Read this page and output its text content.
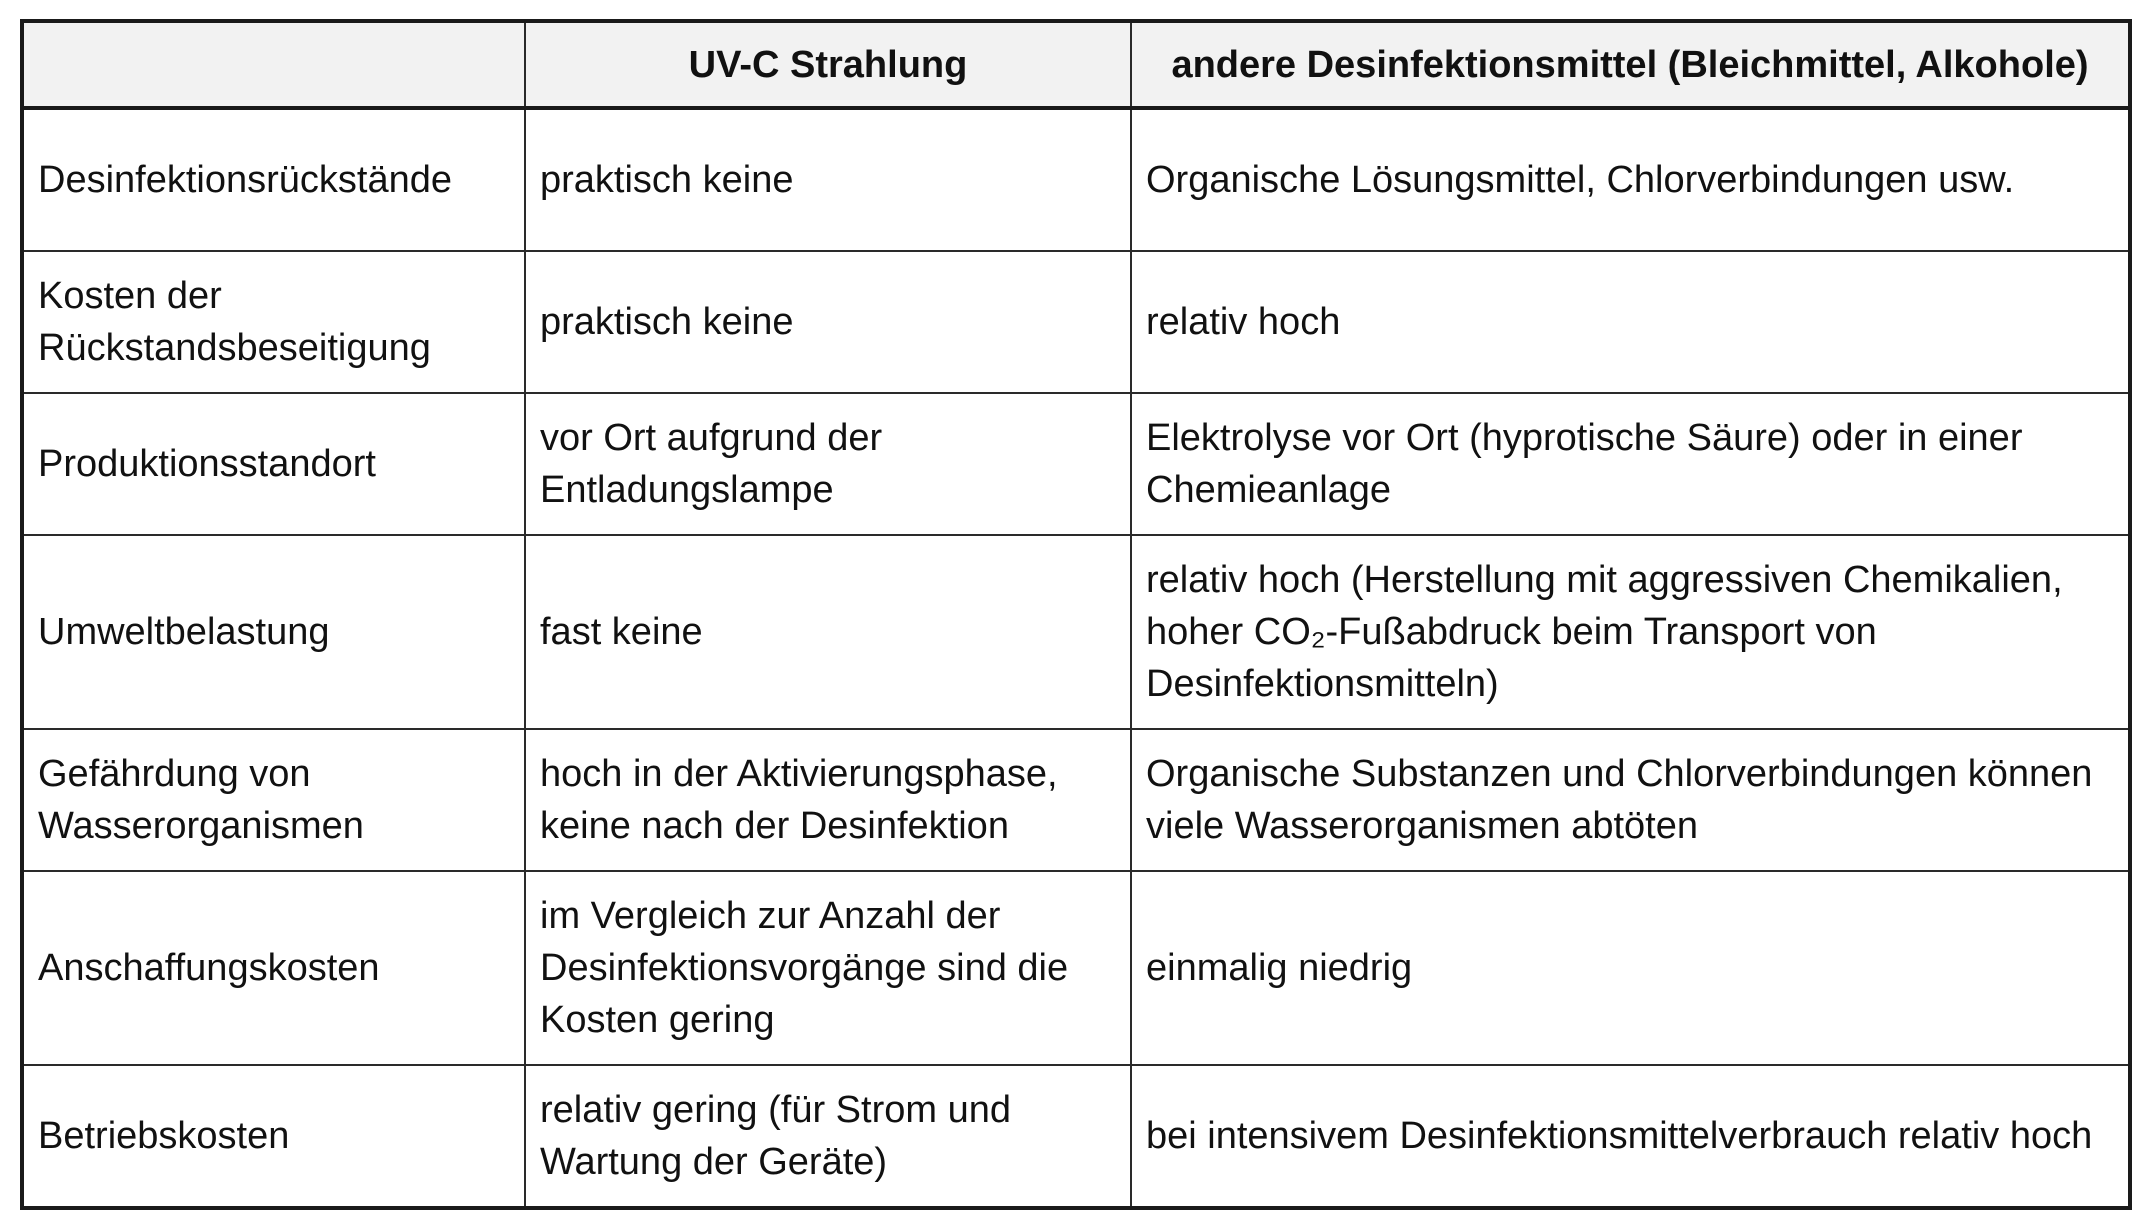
	UV-C Strahlung	andere Desinfektionsmittel (Bleichmittel, Alkohole)
Desinfektionsrückstände	praktisch keine	Organische Lösungsmittel, Chlorverbindungen usw.
Kosten der Rückstandsbeseitigung	praktisch keine	relativ hoch
Produktionsstandort	vor Ort aufgrund der Entladungslampe	Elektrolyse vor Ort (hyprotische Säure) oder in einer Chemieanlage
Umweltbelastung	fast keine	relativ hoch (Herstellung mit aggressiven Chemikalien, hoher CO₂-Fußabdruck beim Transport von Desinfektionsmitteln)
Gefährdung von Wasserorganismen	hoch in der Aktivierungsphase, keine nach der Desinfektion	Organische Substanzen und Chlorverbindungen können viele Wasserorganismen abtöten
Anschaffungskosten	im Vergleich zur Anzahl der Desinfektionsvorgänge sind die Kosten gering	einmalig niedrig
Betriebskosten	relativ gering (für Strom und Wartung der Geräte)	bei intensivem Desinfektionsmittelverbrauch relativ hoch
